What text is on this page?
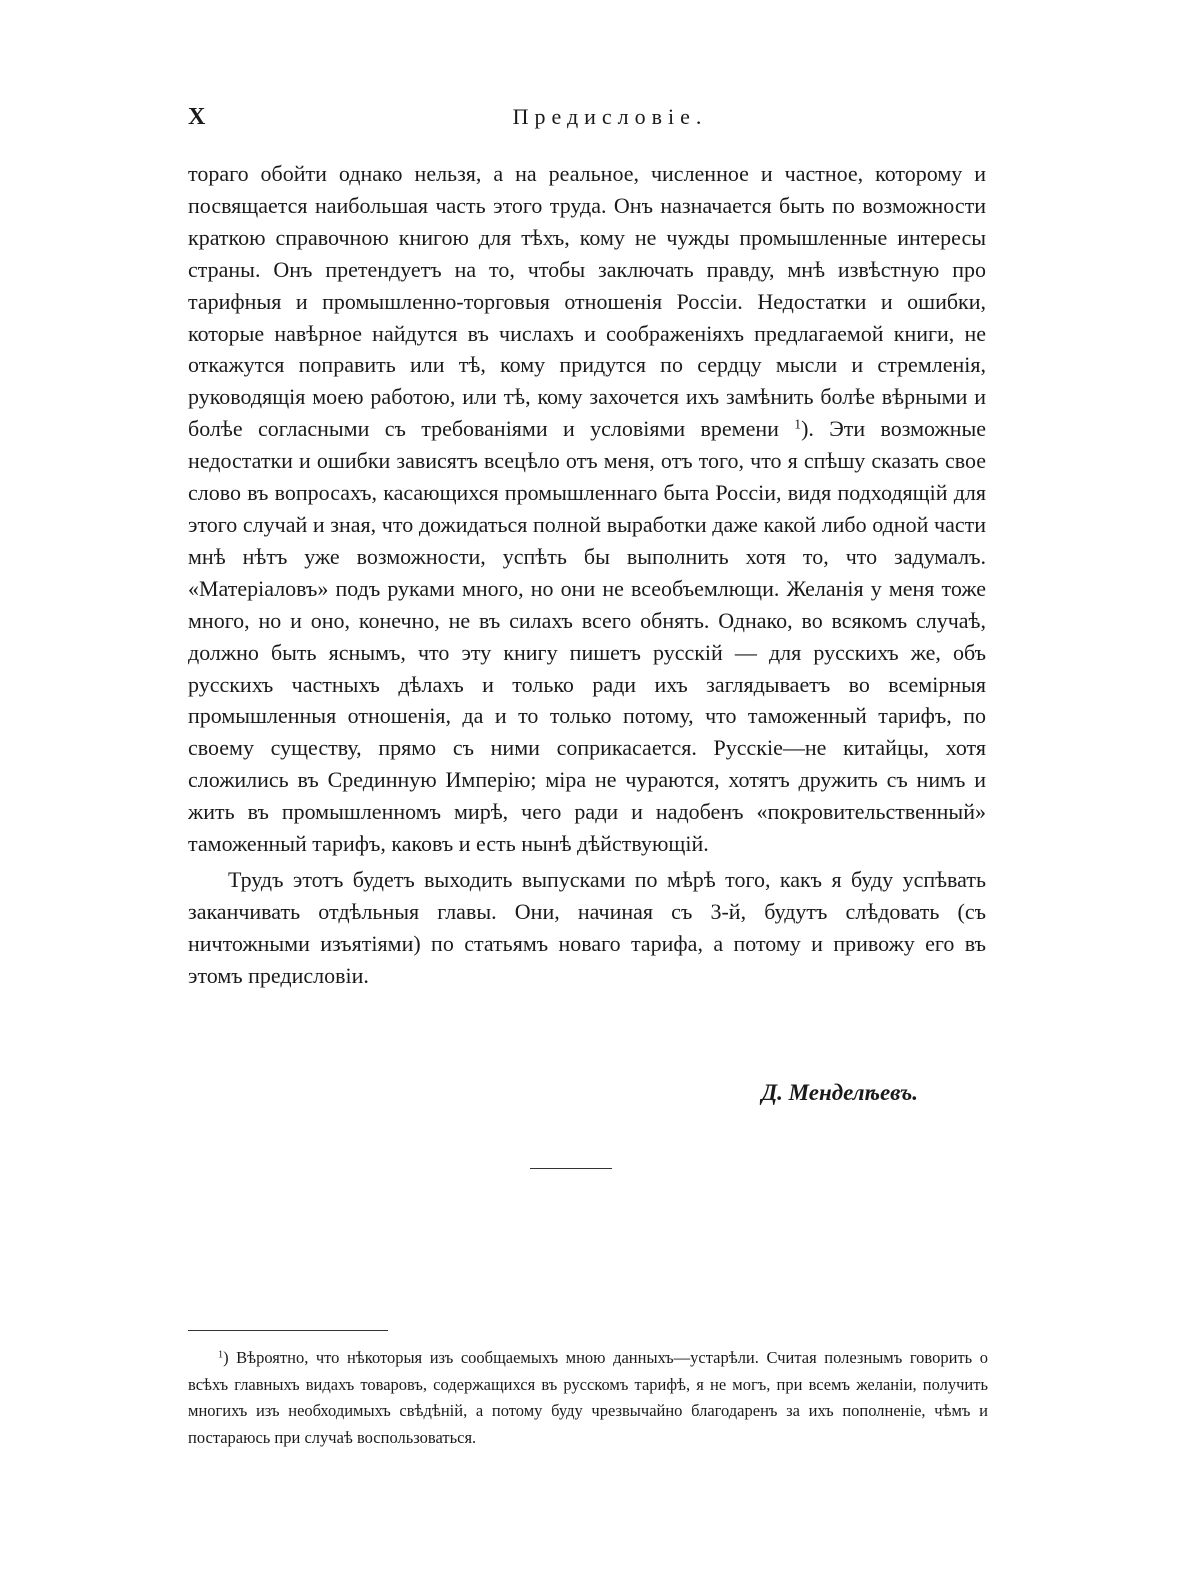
X	Предисловіе.

тораго обойти однако нельзя, а на реальное, численное и частное, которому и посвящается наибольшая часть этого труда. Онъ назначается быть по возможности краткою справочною книгою для тѣхъ, кому не чужды промышленные интересы страны. Онъ претендуетъ на то, чтобы заключать правду, мнѣ извѣстную про тарифныя и промышленно-торговыя отношенія Россіи. Недостатки и ошибки, которые навѣрное найдутся въ числахъ и соображеніяхъ предлагаемой книги, не откажутся поправить или тѣ, кому придутся по сердцу мысли и стремленія, руководящія моею работою, или тѣ, кому захочется ихъ замѣнить болѣе вѣрными и болѣе согласными съ требованіями и условіями времени $^1$). Эти возможные недостатки и ошибки зависятъ всецѣло отъ меня, отъ того, что я спѣшу сказать свое слово въ вопросахъ, касающихся промышленнаго быта Россіи, видя подходящій для этого случай и зная, что дожидаться полной выработки даже какой либо одной части мнѣ нѣтъ уже возможности, успѣть бы выполнить хотя то, что задумалъ. «Матеріаловъ» подъ руками много, но они не всеобъемлющи. Желанія у меня тоже много, но и оно, конечно, не въ силахъ всего обнять. Однако, во всякомъ случаѣ, должно быть яснымъ, что эту книгу пишетъ русскій — для русскихъ же, объ русскихъ частныхъ дѣлахъ и только ради ихъ заглядываетъ во всемірныя промышленныя отношенія, да и то только потому, что таможенный тарифъ, по своему существу, прямо съ ними соприкасается. Русскіе—не китайцы, хотя сложились въ Срединную Имперію; міра не чураются, хотятъ дружить съ нимъ и жить въ промышленномъ мирѣ, чего ради и надобенъ «покровительственный» таможенный тарифъ, каковъ и есть нынѣ дѣйствующій.

Трудъ этотъ будетъ выходить выпусками по мѣрѣ того, какъ я буду успѣвать заканчивать отдѣльныя главы. Они, начиная съ 3-й, будутъ слѣдовать (съ ничтожными изъятіями) по статьямъ новаго тарифа, а потому и привожу его въ этомъ предисловіи.

Д. Менделѣевъ.

$^1$) Вѣроятно, что нѣкоторыя изъ сообщаемыхъ мною данныхъ—устарѣли. Считая полезнымъ говорить о всѣхъ главныхъ видахъ товаровъ, содержащихся въ русскомъ тарифѣ, я не могъ, при всемъ желаніи, получить многихъ изъ необходимыхъ свѣдѣній, а потому буду чрезвычайно благодаренъ за ихъ пополненіе, чѣмъ и постараюсь при случаѣ воспользоваться.
